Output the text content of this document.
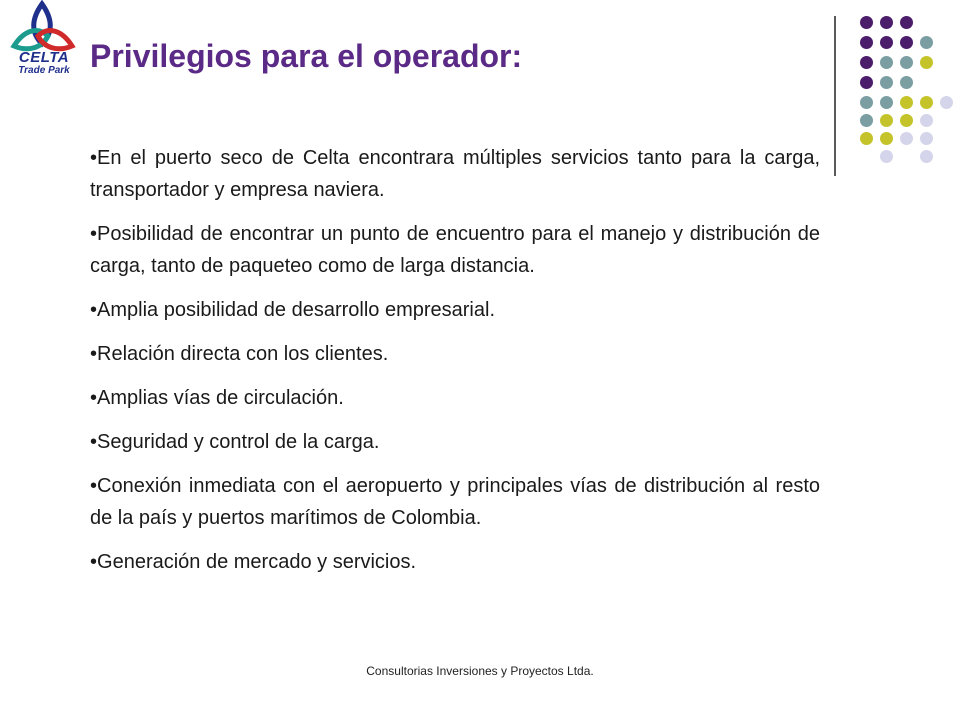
CELTA
Trade Park Privilegios para el operador:
• En el puerto seco de Celta encontrara múltiples servicios tanto para la carga, transportador y empresa naviera.
• Posibilidad de encontrar un punto de encuentro para el manejo y distribución de carga, tanto de paqueteo como de larga distancia.
• Amplia posibilidad de desarrollo empresarial.
• Relación directa con los clientes.
• Amplias vías de circulación.
• Seguridad y control de la carga.
• Conexión inmediata con el aeropuerto y principales vías de distribución al resto de la país y puertos marítimos de Colombia.
• Generación de mercado y servicios.
Consultorias Inversiones y Proyectos Ltda.
